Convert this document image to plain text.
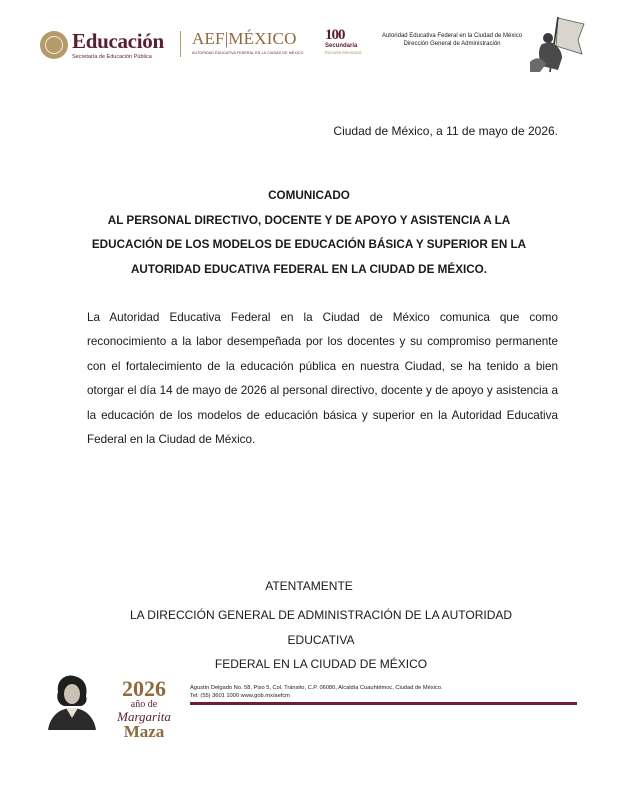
Educación
Secretaría de Educación Pública
AEF|MÉXICO
AUTORIDAD EDUCATIVA FEDERAL EN LA CIUDAD DE MÉXICO
100
Secundaria
Escuela Mexicana
Autoridad Educativa Federal en la Ciudad de México
Dirección General de Administración
Ciudad de México, a 11 de mayo de 2026.
COMUNICADO
AL PERSONAL DIRECTIVO, DOCENTE Y DE APOYO Y ASISTENCIA A LA
EDUCACIÓN DE LOS MODELOS DE EDUCACIÓN BÁSICA Y SUPERIOR EN LA
AUTORIDAD EDUCATIVA FEDERAL EN LA CIUDAD DE MÉXICO.
La Autoridad Educativa Federal en la Ciudad de México comunica que como reconocimiento a la labor desempeñada por los docentes y su compromiso permanente con el fortalecimiento de la educación pública en nuestra Ciudad, se ha tenido a bien otorgar el día 14 de mayo de 2026 al personal directivo, docente y de apoyo y asistencia a la educación de los modelos de educación básica y superior en la Autoridad Educativa Federal en la Ciudad de México.
ATENTAMENTE
LA DIRECCIÓN GENERAL DE ADMINISTRACIÓN DE LA AUTORIDAD EDUCATIVA
FEDERAL EN LA CIUDAD DE MÉXICO
2026
año de
Margarita
Maza
Agustín Delgado No. 58, Piso 5, Col. Tránsito, C.P. 06080, Alcaldía Cuauhtémoc, Ciudad de México.
Tel: (55) 3601 1000 www.gob.mx/aefcm
